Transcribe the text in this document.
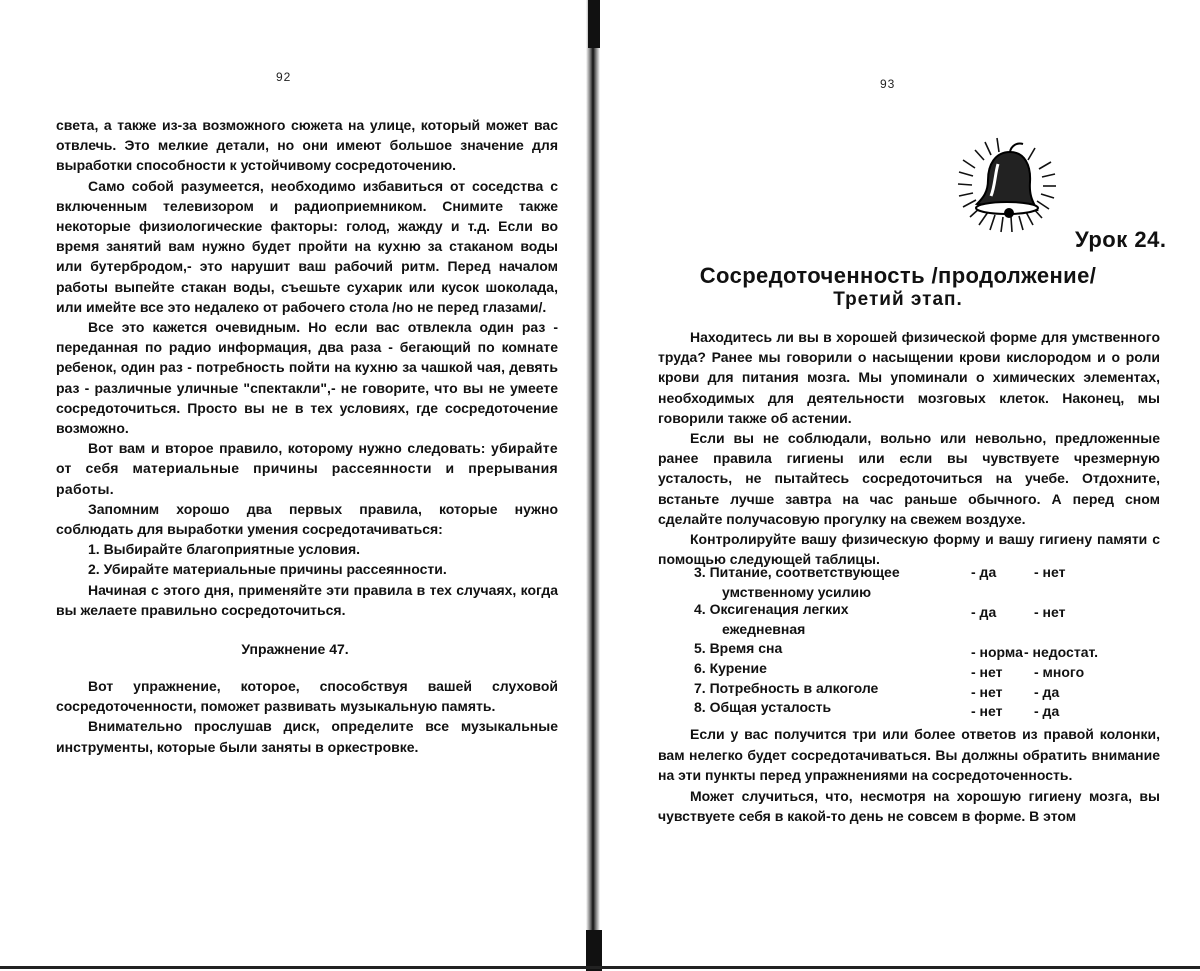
92

света, а также из-за возможного сюжета на улице, который может вас отвлечь. Это мелкие детали, но они имеют большое значение для выработки способности к устойчивому сосредоточению.

Само собой разумеется, необходимо избавиться от соседства с включенным телевизором и радиоприемником. Снимите также некоторые физиологические факторы: голод, жажду и т.д. Если во время занятий вам нужно будет пройти на кухню за стаканом воды или бутербродом,- это нарушит ваш рабочий ритм. Перед началом работы выпейте стакан воды, съешьте сухарик или кусок шоколада, или имейте все это недалеко от рабочего стола /но не перед глазами/.

Все это кажется очевидным. Но если вас отвлекла один раз - переданная по радио информация, два раза - бегающий по комнате ребенок, один раз - потребность пойти на кухню за чашкой чая, девять раз - различные уличные "спектакли",- не говорите, что вы не умеете сосредоточиться. Просто вы не в тех условиях, где сосредоточение возможно.

Вот вам и второе правило, которому нужно следовать: убирайте от себя материальные причины рассеянности и прерывания работы.

Запомним хорошо два первых правила, которые нужно соблюдать для выработки умения сосредотачиваться:

1. Выбирайте благоприятные условия.

2. Убирайте материальные причины рассеянности.

Начиная с этого дня, применяйте эти правила в тех случаях, когда вы желаете правильно сосредоточиться.

Упражнение 47.

Вот упражнение, которое, способствуя вашей слуховой сосредоточенности, поможет развивать музыкальную память.

Внимательно прослушав диск, определите все музыкальные инструменты, которые были заняты в оркестровке.

93
Урок 24.
Сосредоточенность /продолжение/
Третий этап.

Находитесь ли вы в хорошей физической форме для умственного труда? Ранее мы говорили о насыщении крови кислородом и о роли крови для питания мозга. Мы упоминали о химических элементах, необходимых для деятельности мозговых клеток. Наконец, мы говорили также об астении.

Если вы не соблюдали, вольно или невольно, предложенные ранее правила гигиены или если вы чувствуете чрезмерную усталость, не пытайтесь сосредоточиться на учебе. Отдохните, встаньте лучше завтра на час раньше обычного. А перед сном сделайте получасовую прогулку на свежем воздухе.

Контролируйте вашу физическую форму и вашу гигиену памяти с помощью следующей таблицы.

3. Питание, соответствующее	- да	- нет
умственному усилию
4. Оксигенация легких	- да	- нет
ежедневная
5. Время сна	- норма - недостат.
6. Курение	- нет - много
7. Потребность в алкоголе	- нет - да
8. Общая усталость	- нет - да

Если у вас получится три или более ответов из правой колонки, вам нелегко будет сосредотачиваться. Вы должны обратить внимание на эти пункты перед упражнениями на сосредоточенность.

Может случиться, что, несмотря на хорошую гигиену мозга, вы чувствуете себя в какой-то день не совсем в форме. В этом
